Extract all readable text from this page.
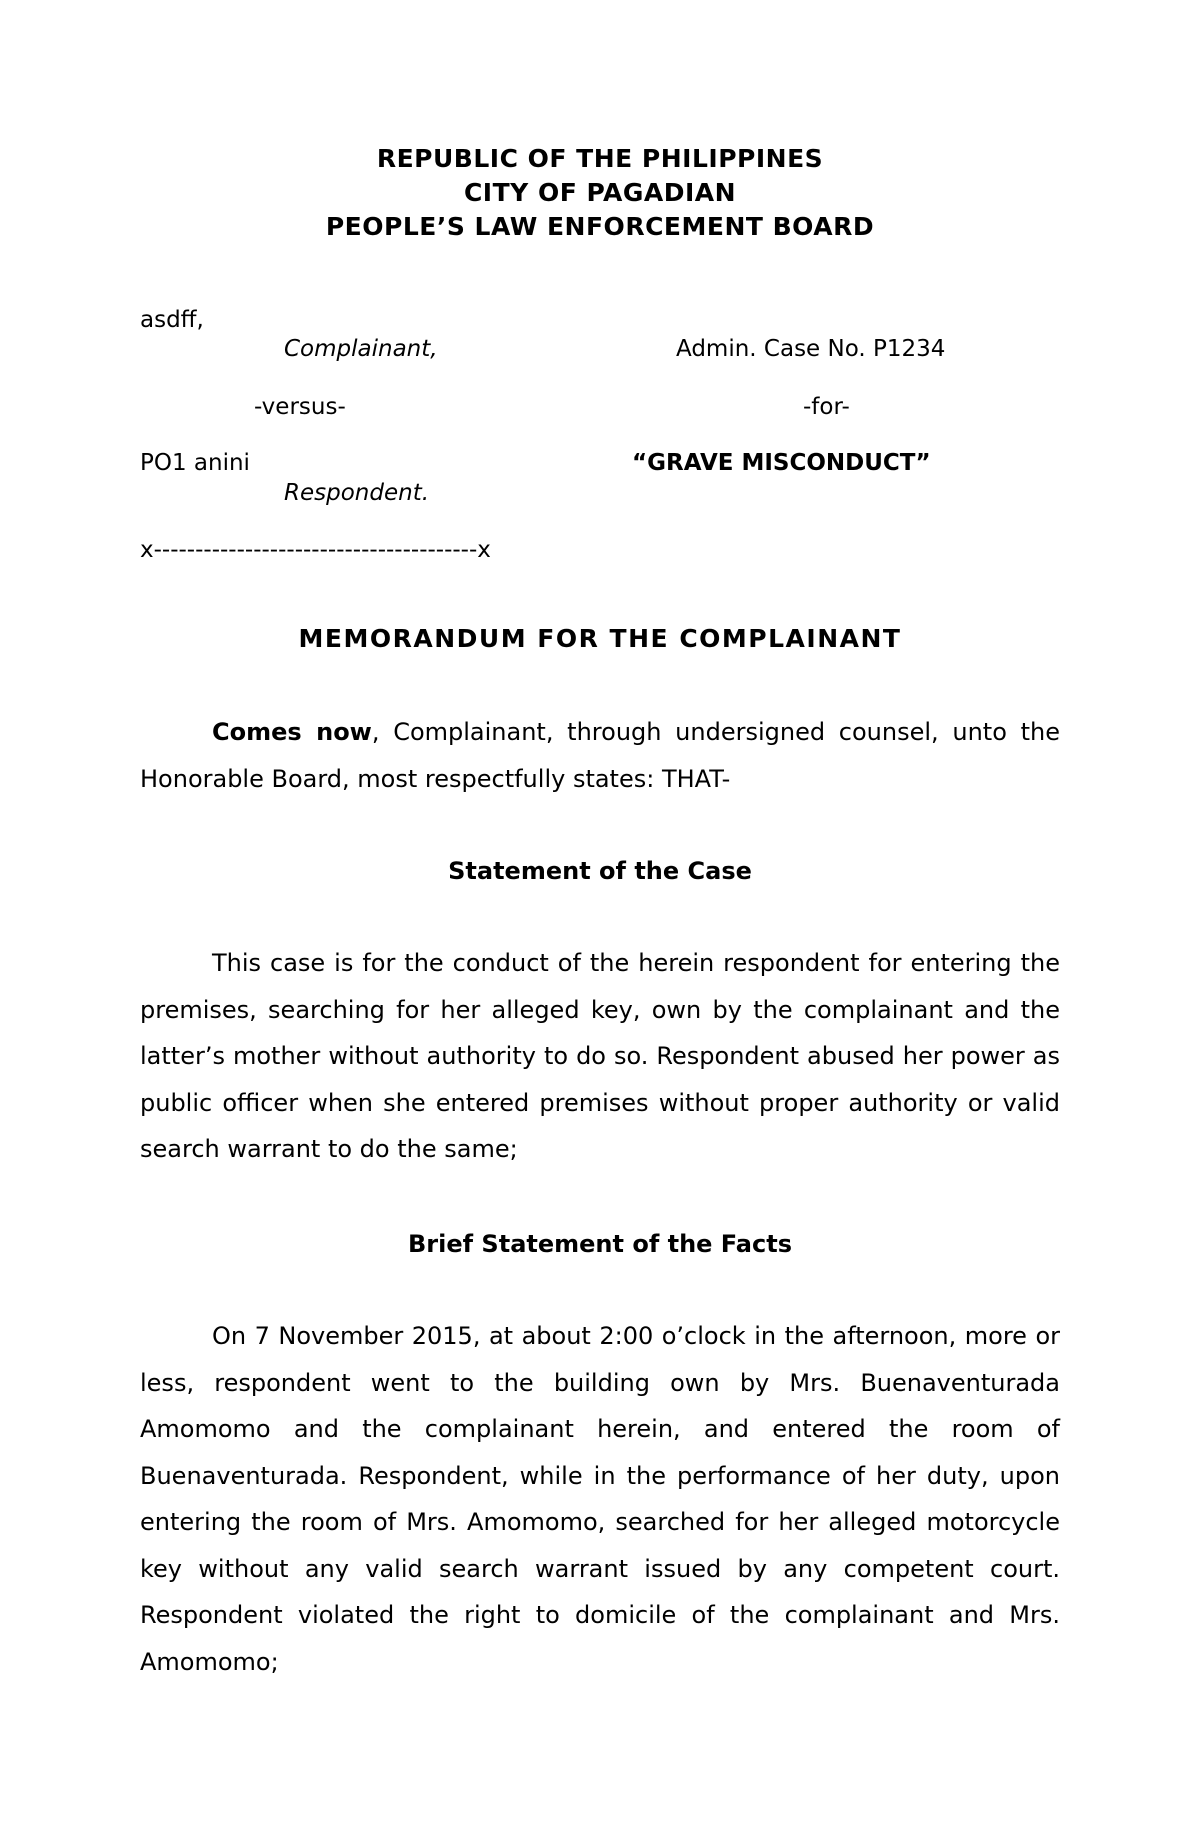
REPUBLIC OF THE PHILIPPINES
CITY OF PAGADIAN
PEOPLE’S LAW ENFORCEMENT BOARD
asdff,
Complainant,	Admin. Case No. P1234
-versus-	-for-
PO1 anini	“GRAVE MISCONDUCT”
Respondent.
x---------------------------------------x
MEMORANDUM FOR THE COMPLAINANT
Comes now, Complainant, through undersigned counsel, unto the Honorable Board, most respectfully states: THAT-
Statement of the Case
This case is for the conduct of the herein respondent for entering the premises, searching for her alleged key, own by the complainant and the latter’s mother without authority to do so. Respondent abused her power as public officer when she entered premises without proper authority or valid search warrant to do the same;
Brief Statement of the Facts
On 7 November 2015, at about 2:00 o’clock in the afternoon, more or less, respondent went to the building own by Mrs. Buenaventurada Amomomo and the complainant herein, and entered the room of Buenaventurada. Respondent, while in the performance of her duty, upon entering the room of Mrs. Amomomo, searched for her alleged motorcycle key without any valid search warrant issued by any competent court. Respondent violated the right to domicile of the complainant and Mrs. Amomomo;
